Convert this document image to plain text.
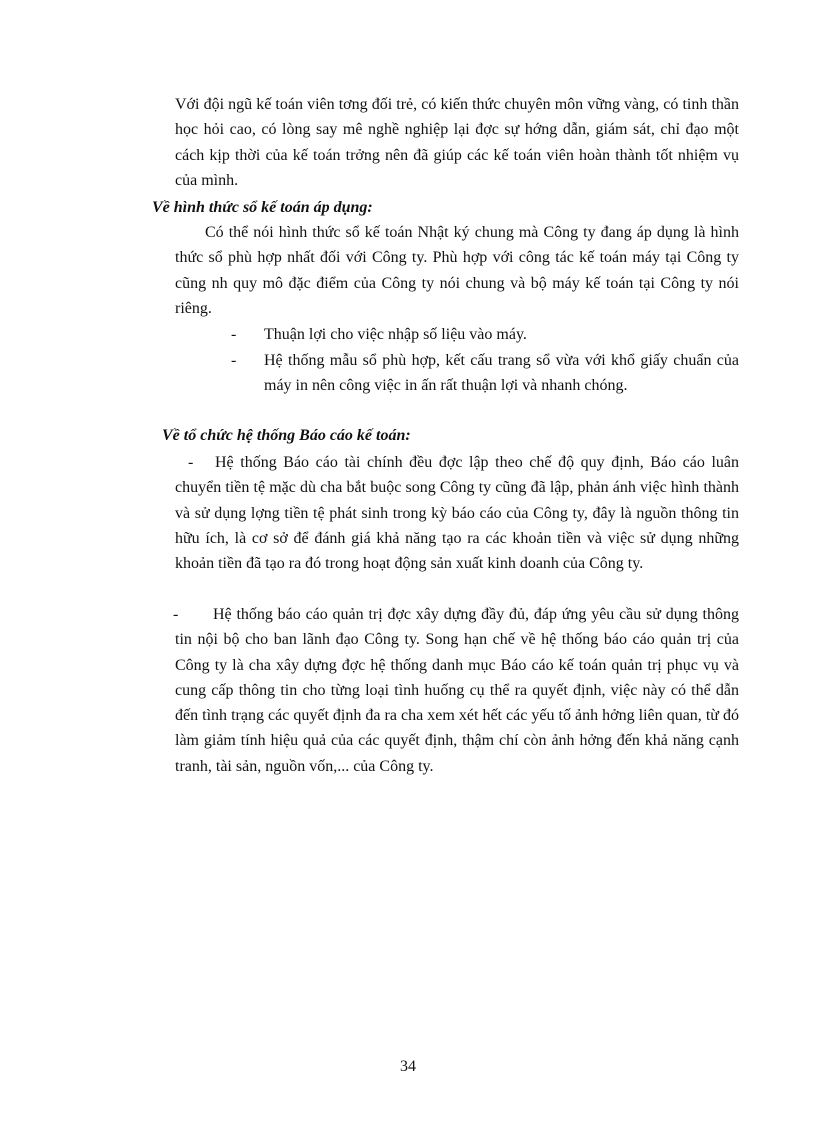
Với đội ngũ kế toán viên tơng đối trẻ, có kiến thức chuyên môn vững vàng, có tinh thần học hỏi cao, có lòng say mê nghề nghiệp lại đợc sự hớng dẫn, giám sát, chỉ đạo một cách kịp thời của kế toán trởng nên đã giúp các kế toán viên hoàn thành tốt nhiệm vụ của mình.

Về hình thức sổ kế toán áp dụng:

Có thể nói hình thức sổ kế toán Nhật ký chung mà Công ty đang áp dụng là hình thức sổ phù hợp nhất đối với Công ty. Phù hợp với công tác kế toán máy tại Công ty cũng nh quy mô đặc điểm của Công ty nói chung và bộ máy kế toán tại Công ty nói riêng.

- Thuận lợi cho việc nhập số liệu vào máy.

- Hệ thống mẫu sổ phù hợp, kết cấu trang sổ vừa với khổ giấy chuẩn của máy in nên công việc in ấn rất thuận lợi và nhanh chóng.

Về tổ chức hệ thống Báo cáo kế toán:

-	Hệ thống Báo cáo tài chính đều đợc lập theo chế độ quy định, Báo cáo luân chuyển tiền tệ mặc dù cha bắt buộc song Công ty cũng đã lập, phản ánh việc hình thành và sử dụng lợng tiền tệ phát sinh trong kỳ báo cáo của Công ty, đây là nguồn thông tin hữu ích, là cơ sở để đánh giá khả năng tạo ra các khoản tiền và việc sử dụng những khoản tiền đã tạo ra đó trong hoạt động sản xuất kinh doanh của Công ty.

-	Hệ thống báo cáo quản trị đợc xây dựng đầy đủ, đáp ứng yêu cầu sử dụng thông tin nội bộ cho ban lãnh đạo Công ty. Song hạn chế về hệ thống báo cáo quản trị của Công ty là cha xây dựng đợc hệ thống danh mục Báo cáo kế toán quản trị phục vụ và cung cấp thông tin cho từng loại tình huống cụ thể ra quyết định, việc này có thể dẫn đến tình trạng các quyết định đa ra cha xem xét hết các yếu tố ảnh hởng liên quan, từ đó làm giảm tính hiệu quả của các quyết định, thậm chí còn ảnh hởng đến khả năng cạnh tranh, tài sản, nguồn vốn,... của Công ty.

34
